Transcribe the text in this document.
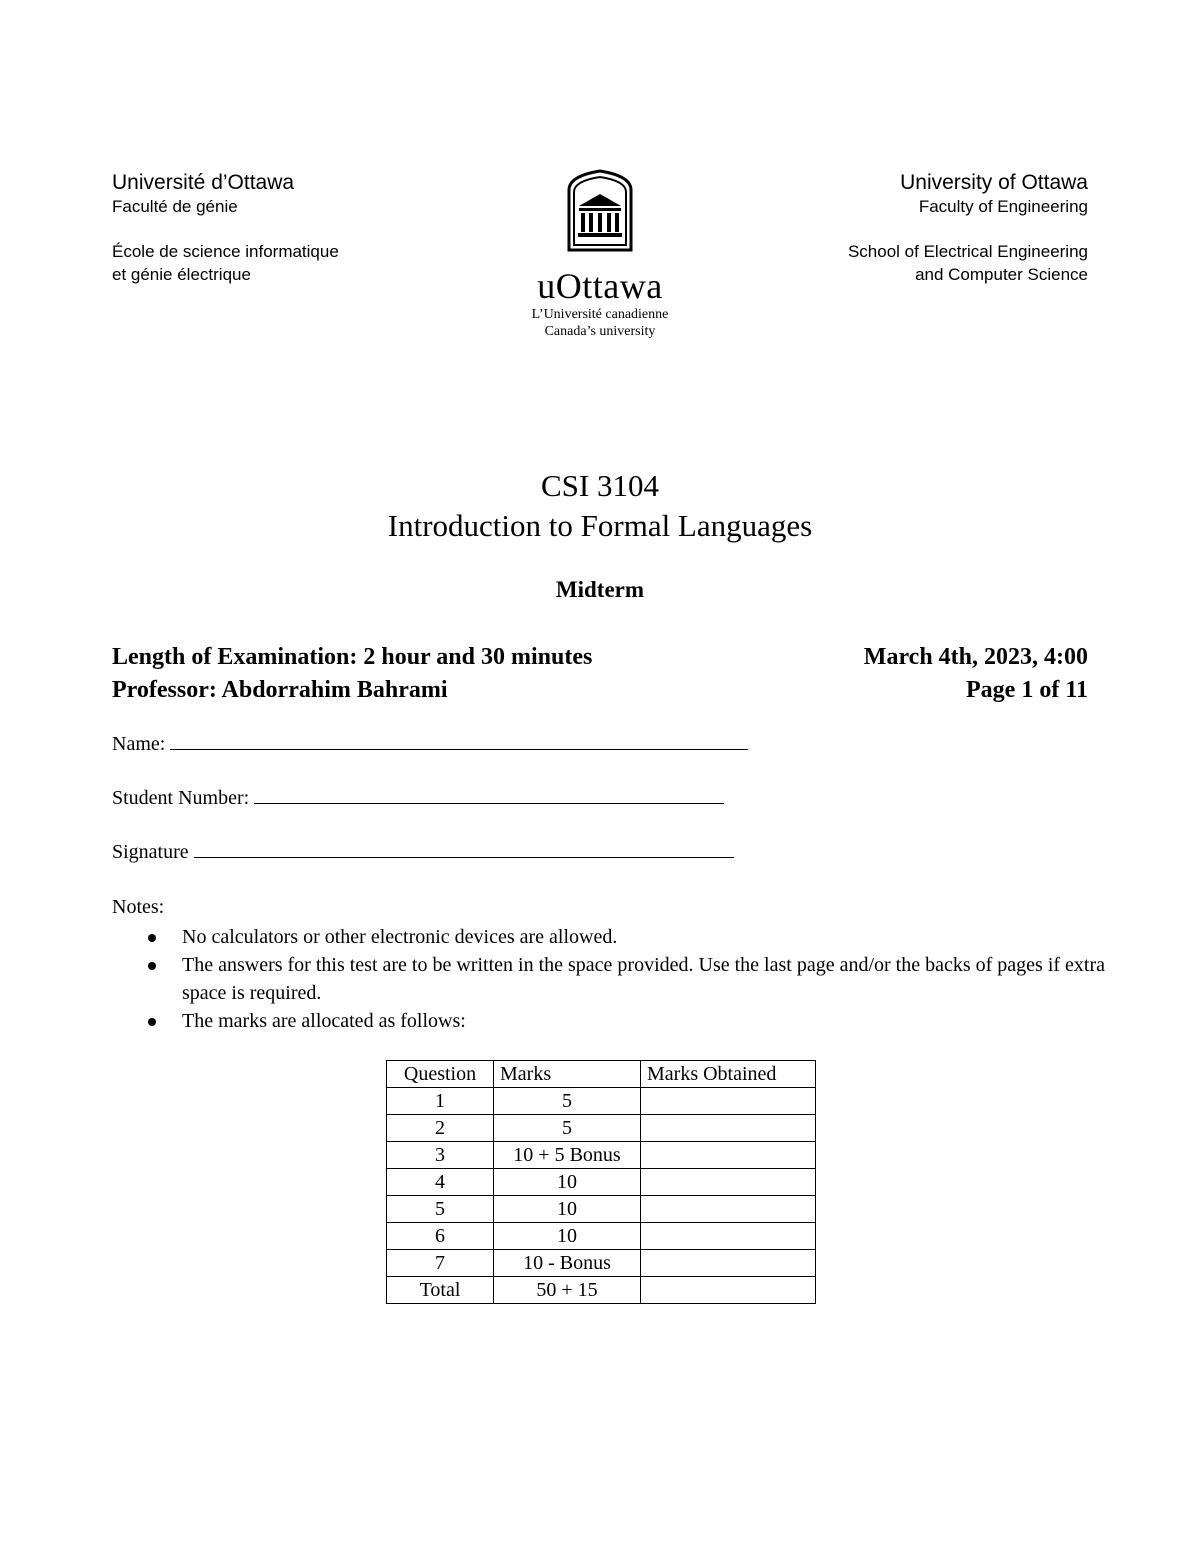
Université d’Ottawa
Faculté de génie
École de science informatique
et génie électrique	uOttawa
L’Université canadienne
Canada’s university
University of Ottawa
Faculty of Engineering
School of Electrical Engineering
and Computer Science
CSI 3104
Introduction to Formal Languages
Midterm
Length of Examination: 2 hour and 30 minutes	March 4th, 2023, 4:00
Professor: Abdorrahim Bahrami	Page 1 of 11
Name:
Student Number:
Signature
Notes:
No calculators or other electronic devices are allowed.
The answers for this test are to be written in the space provided. Use the last page and/or the backs of pages if extra space is required.
The marks are allocated as follows:
Question	Marks	Marks Obtained
1	5	
2	5	
3	10 + 5 Bonus	
4	10	
5	10	
6	10	
7	10 - Bonus	
Total	50 + 15	
